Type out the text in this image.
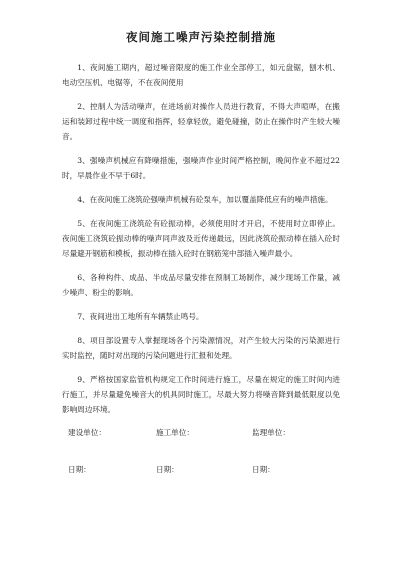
夜间施工噪声污染控制措施

1、夜间施工期内，超过噪音限度的施工作业全部停工，如元盘锯，刨木机、电动空压机、电锯等，不在夜间使用

2、控制人为活动噪声，在进场前对操作人员进行教育，不得大声喧哗，在搬运和装卸过程中统一调度和指挥，轻拿轻放，避免碰撞，防止在操作时产生较大噪音。

3、强噪声机械应有降噪措施，强噪声作业时间严格控制，晚间作业不超过22时，早晨作业不早于6时。

4、在夜间施工浇筑砼强噪声机械有砼泵车，加以覆盖降低应有的噪声措施。

5、在夜间施工浇筑砼有砼振动棒，必须使用时才开启，不使用时立即停止。夜间施工浇筑砼振动棒的噪声同声波及近传递最远，因此浇筑砼振动棒在插入砼时尽量避开钢筋和模板，振动棒在插入砼时在钢筋笼中部插入噪声最小。

6、各种构件、成品、半成品尽量安排在预制工场制作，减少现场工作量，减少噪声、粉尘的影响。

7、夜间进出工地所有车辆禁止鸣号。

8、项目部设置专人掌握现场各个污染源情况，对产生较大污染的污染源进行实时监控，随时对出现的污染问题进行汇报和处理。

9、严格按国家监管机构规定工作时间进行施工，尽量在规定的施工时间内进行施工，并尽量避免噪音大的机具同时施工，尽最大努力将噪音降到最低限度以免影响周边环境。

建设单位：	施工单位：	监理单位：
日期：	日期：	日期：
